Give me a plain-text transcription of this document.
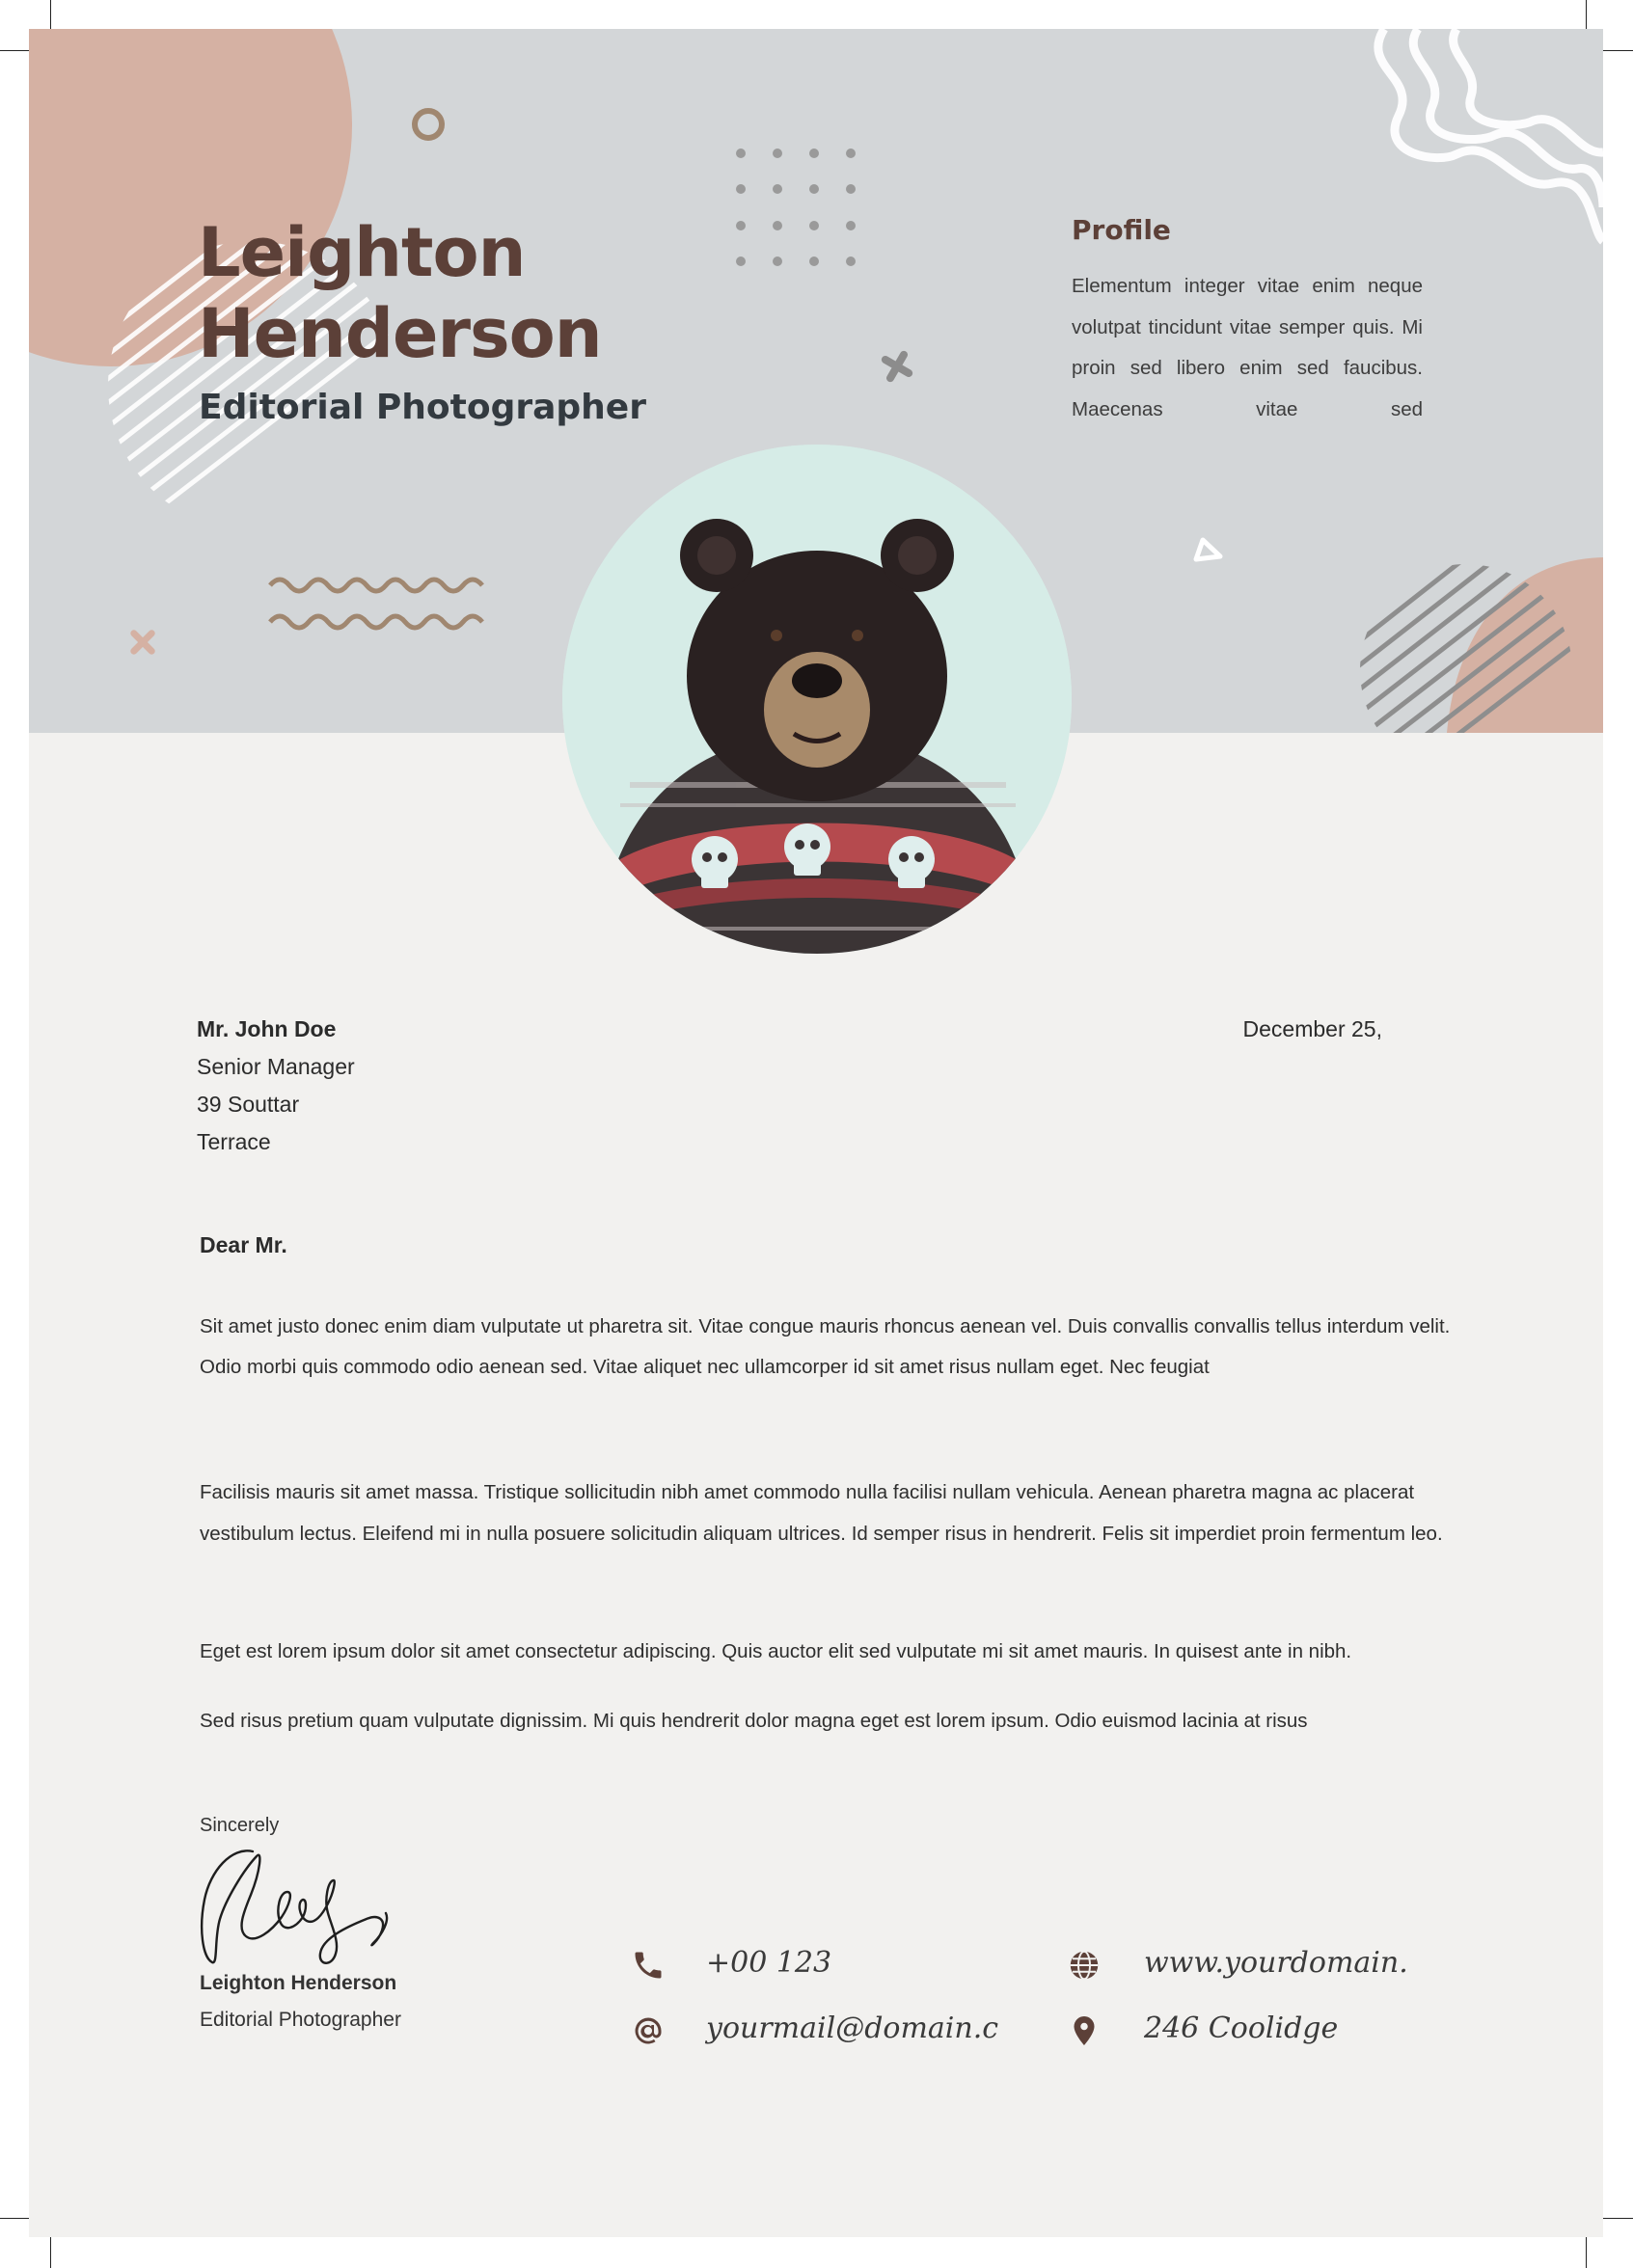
Leighton
Henderson
Editorial Photographer
Profile
Elementum integer vitae enim neque volutpat tincidunt vitae semper quis. Mi proin sed libero enim sed faucibus. Maecenas vitae sed
Mr. John Doe
Senior Manager
39 Souttar
Terrace
December 25,
Dear Mr.
Sit amet justo donec enim diam vulputate ut pharetra sit. Vitae congue mauris rhoncus aenean vel. Duis convallis convallis tellus interdum velit. Odio morbi quis commodo odio aenean sed. Vitae aliquet nec ullamcorper id sit amet risus nullam eget. Nec feugiat
Facilisis mauris sit amet massa. Tristique sollicitudin nibh amet commodo nulla facilisi nullam vehicula. Aenean pharetra magna ac placerat vestibulum lectus. Eleifend mi in nulla posuere solicitudin aliquam ultrices. Id semper risus in hendrerit. Felis sit imperdiet proin fermentum leo.
Eget est lorem ipsum dolor sit amet consectetur adipiscing. Quis auctor elit sed vulputate mi sit amet mauris. In quisest ante in nibh.
Sed risus pretium quam vulputate dignissim. Mi quis hendrerit dolor magna eget est lorem ipsum. Odio euismod lacinia at risus
Sincerely
Leighton Henderson
Editorial Photographer
+00 123
yourmail@domain.c
www.yourdomain.
246 Coolidge
